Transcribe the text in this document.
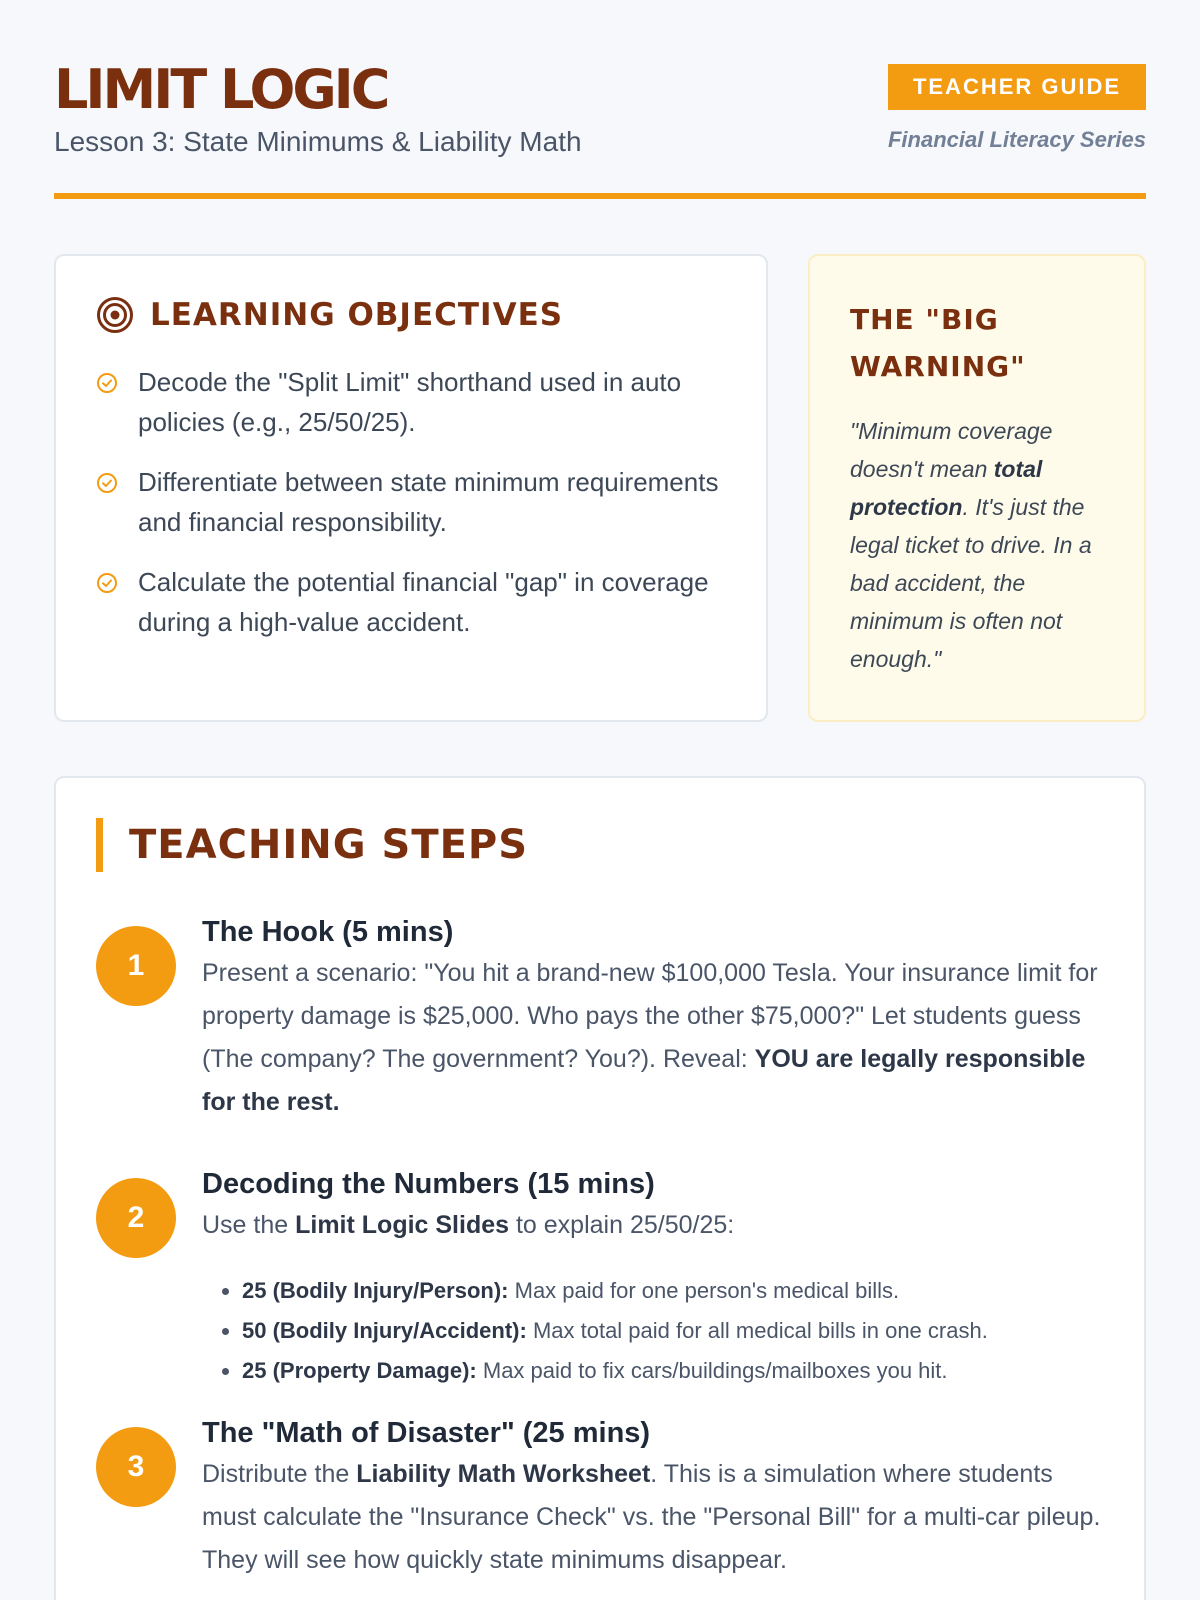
LIMIT LOGIC
Lesson 3: State Minimums & Liability Math
TEACHER GUIDE
Financial Literacy Series
LEARNING OBJECTIVES
Decode the "Split Limit" shorthand used in auto policies (e.g., 25/50/25).
Differentiate between state minimum requirements and financial responsibility.
Calculate the potential financial "gap" in coverage during a high-value accident.
THE "BIG WARNING"

"Minimum coverage doesn't mean total protection. It's just the legal ticket to drive. In a bad accident, the minimum is often not enough."

TEACHING STEPS
1
The Hook (5 mins)

Present a scenario: "You hit a brand-new $100,000 Tesla. Your insurance limit for property damage is $25,000. Who pays the other $75,000?" Let students guess (The company? The government? You?). Reveal: YOU are legally responsible for the rest.

2
Decoding the Numbers (15 mins)

Use the Limit Logic Slides to explain 25/50/25:

• 25 (Bodily Injury/Person): Max paid for one person's medical bills.
• 50 (Bodily Injury/Accident): Max total paid for all medical bills in one crash.
• 25 (Property Damage): Max paid to fix cars/buildings/mailboxes you hit.
3
The "Math of Disaster" (25 mins)

Distribute the Liability Math Worksheet. This is a simulation where students must calculate the "Insurance Check" vs. the "Personal Bill" for a multi-car pileup. They will see how quickly state minimums disappear.
